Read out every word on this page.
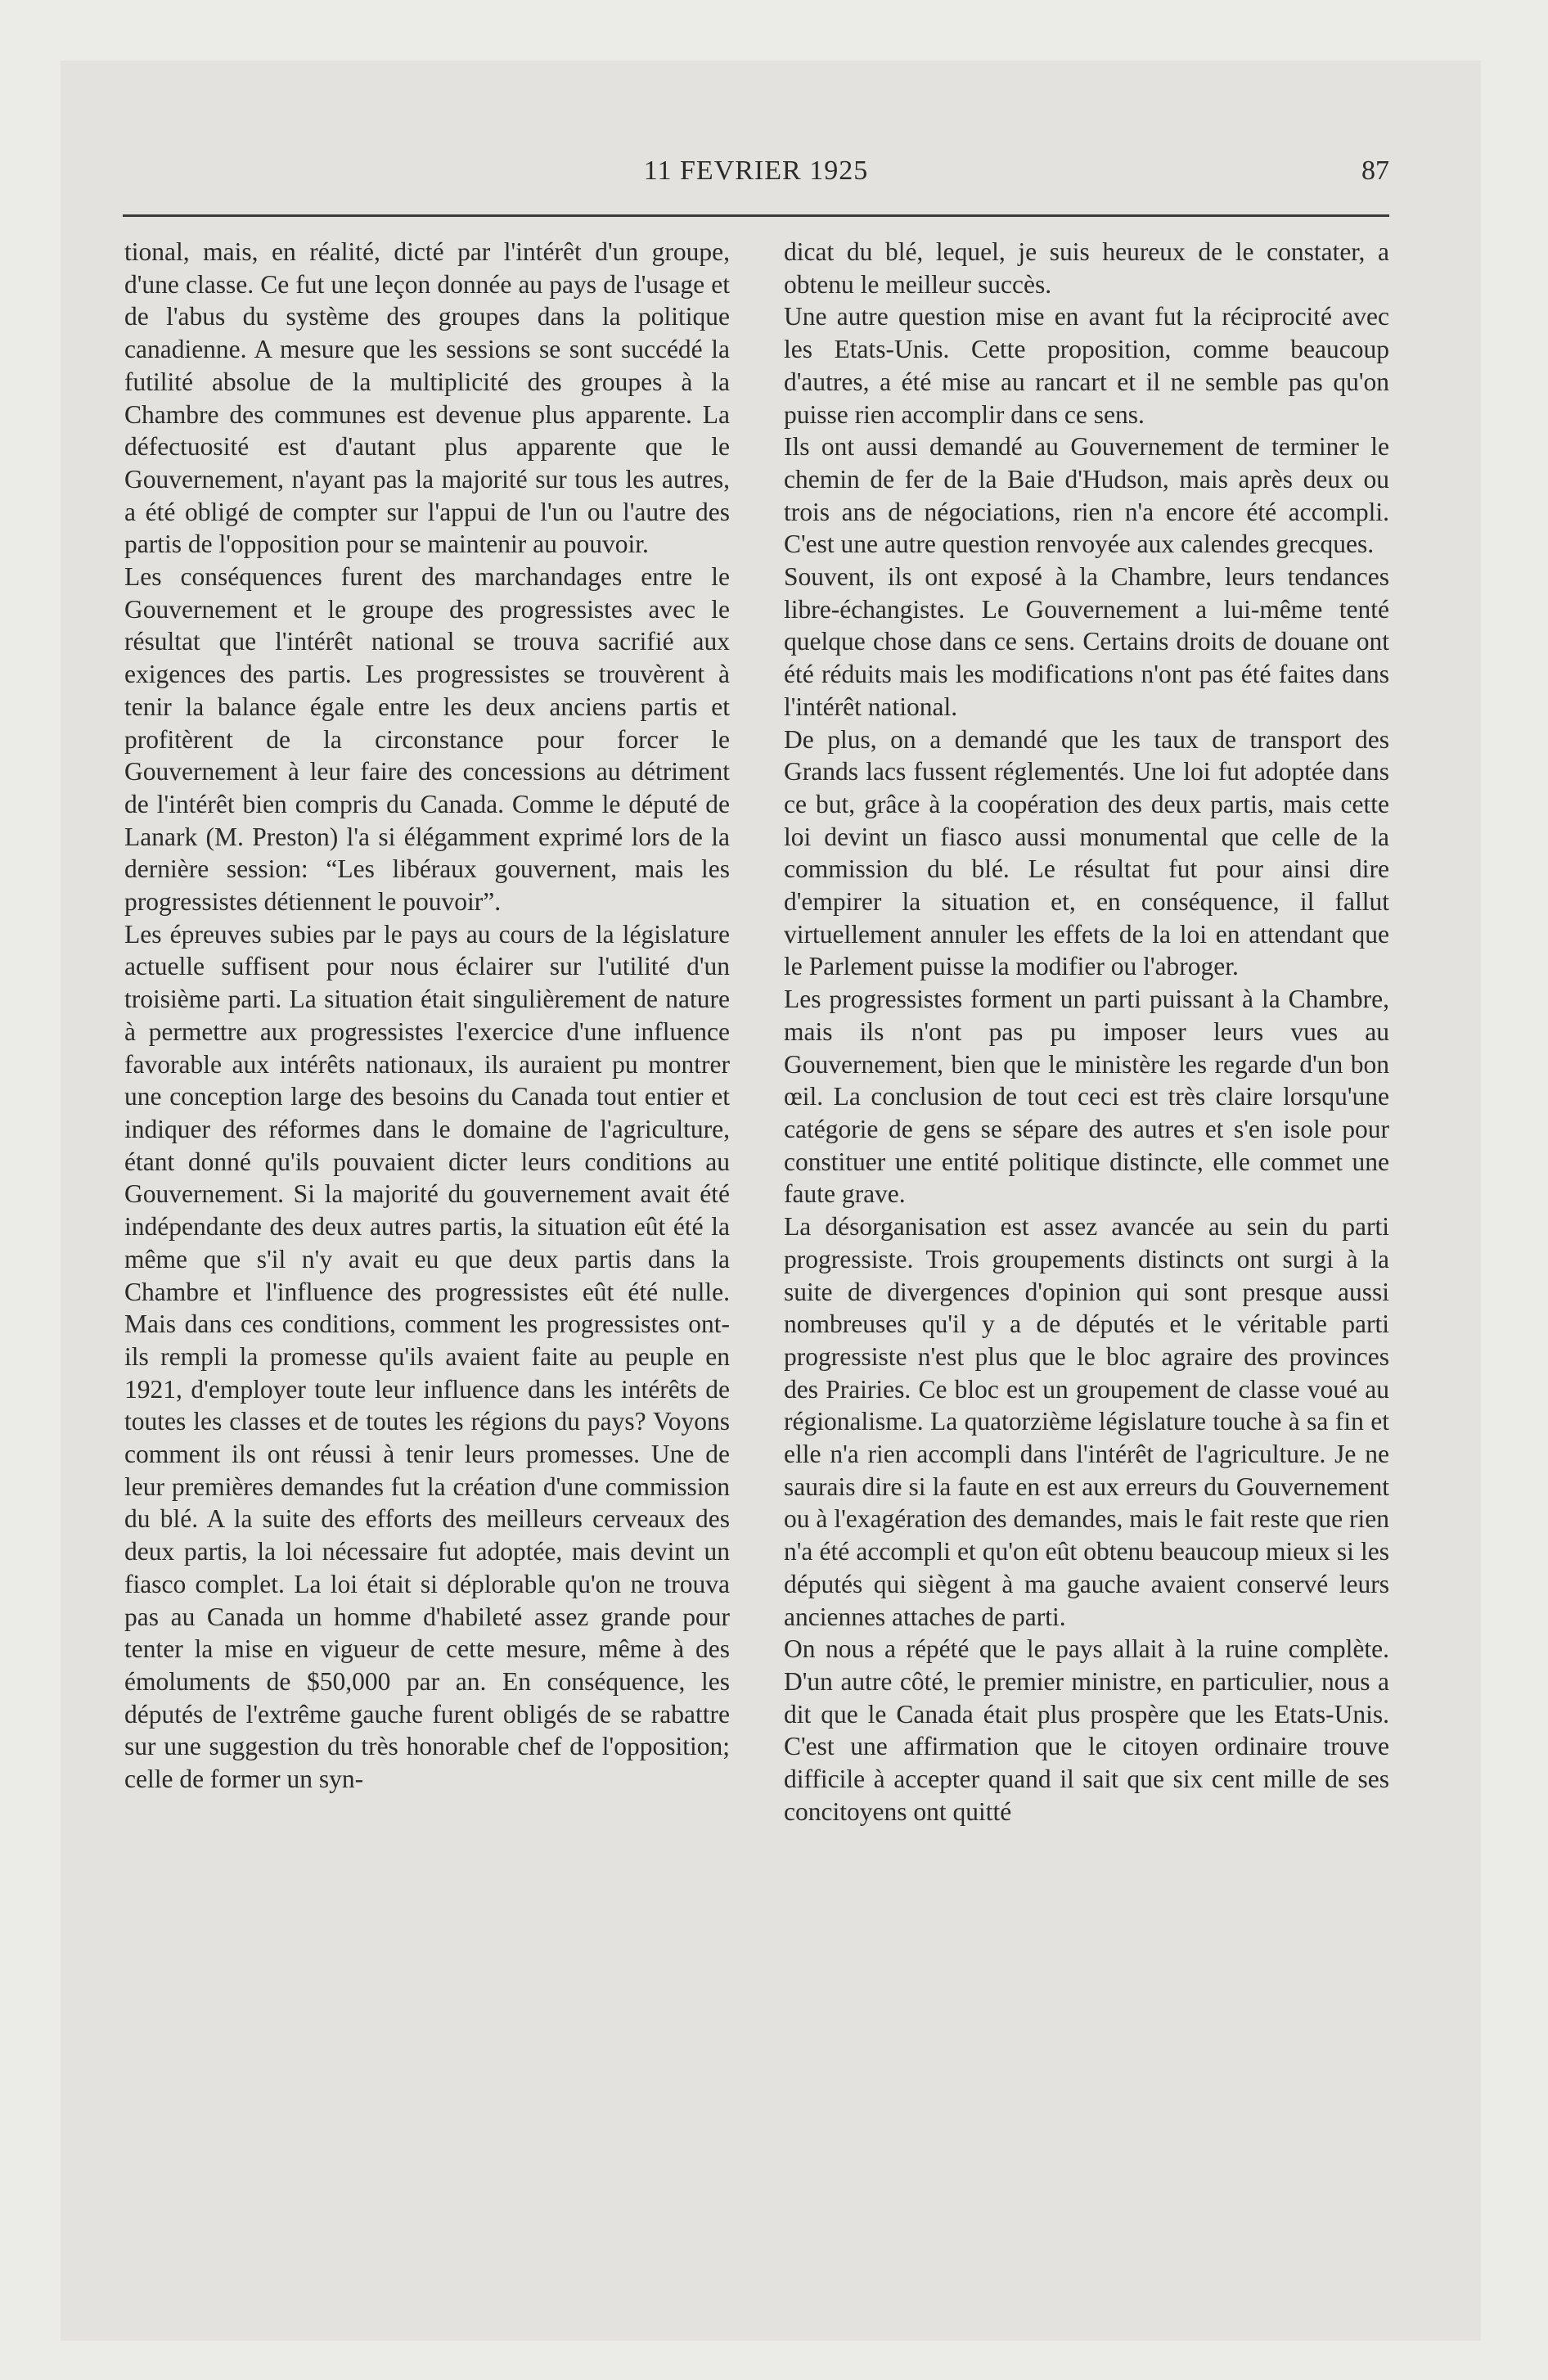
11 FEVRIER 1925	87

tional, mais, en réalité, dicté par l'intérêt d'un groupe, d'une classe. Ce fut une leçon donnée au pays de l'usage et de l'abus du système des groupes dans la politique canadienne. A mesure que les sessions se sont succédé la futilité absolue de la multiplicité des groupes à la Chambre des communes est devenue plus apparente. La défectuosité est d'autant plus apparente que le Gouvernement, n'ayant pas la majorité sur tous les autres, a été obligé de compter sur l'appui de l'un ou l'autre des partis de l'opposition pour se maintenir au pouvoir.

Les conséquences furent des marchandages entre le Gouvernement et le groupe des progressistes avec le résultat que l'intérêt national se trouva sacrifié aux exigences des partis. Les progressistes se trouvèrent à tenir la balance égale entre les deux anciens partis et profitèrent de la circonstance pour forcer le Gouvernement à leur faire des concessions au détriment de l'intérêt bien compris du Canada. Comme le député de Lanark (M. Preston) l'a si élégamment exprimé lors de la dernière session: “Les libéraux gouvernent, mais les progressistes détiennent le pouvoir”.

Les épreuves subies par le pays au cours de la législature actuelle suffisent pour nous éclairer sur l'utilité d'un troisième parti. La situation était singulièrement de nature à permettre aux progressistes l'exercice d'une influence favorable aux intérêts nationaux, ils auraient pu montrer une conception large des besoins du Canada tout entier et indiquer des réformes dans le domaine de l'agriculture, étant donné qu'ils pouvaient dicter leurs conditions au Gouvernement. Si la majorité du gouvernement avait été indépendante des deux autres partis, la situation eût été la même que s'il n'y avait eu que deux partis dans la Chambre et l'influence des progressistes eût été nulle. Mais dans ces conditions, comment les progressistes ont-ils rempli la promesse qu'ils avaient faite au peuple en 1921, d'employer toute leur influence dans les intérêts de toutes les classes et de toutes les régions du pays? Voyons comment ils ont réussi à tenir leurs promesses. Une de leur premières demandes fut la création d'une commission du blé. A la suite des efforts des meilleurs cerveaux des deux partis, la loi nécessaire fut adoptée, mais devint un fiasco complet. La loi était si déplorable qu'on ne trouva pas au Canada un homme d'habileté assez grande pour tenter la mise en vigueur de cette mesure, même à des émoluments de $50,000 par an. En conséquence, les députés de l'extrême gauche furent obligés de se rabattre sur une suggestion du très honorable chef de l'opposition; celle de former un syn-

dicat du blé, lequel, je suis heureux de le constater, a obtenu le meilleur succès.

Une autre question mise en avant fut la réciprocité avec les Etats-Unis. Cette proposition, comme beaucoup d'autres, a été mise au rancart et il ne semble pas qu'on puisse rien accomplir dans ce sens.

Ils ont aussi demandé au Gouvernement de terminer le chemin de fer de la Baie d'Hudson, mais après deux ou trois ans de négociations, rien n'a encore été accompli. C'est une autre question renvoyée aux calendes grecques.

Souvent, ils ont exposé à la Chambre, leurs tendances libre-échangistes. Le Gouvernement a lui-même tenté quelque chose dans ce sens. Certains droits de douane ont été réduits mais les modifications n'ont pas été faites dans l'intérêt national.

De plus, on a demandé que les taux de transport des Grands lacs fussent réglementés. Une loi fut adoptée dans ce but, grâce à la coopération des deux partis, mais cette loi devint un fiasco aussi monumental que celle de la commission du blé. Le résultat fut pour ainsi dire d'empirer la situation et, en conséquence, il fallut virtuellement annuler les effets de la loi en attendant que le Parlement puisse la modifier ou l'abroger.

Les progressistes forment un parti puissant à la Chambre, mais ils n'ont pas pu imposer leurs vues au Gouvernement, bien que le ministère les regarde d'un bon œil. La conclusion de tout ceci est très claire lorsqu'une catégorie de gens se sépare des autres et s'en isole pour constituer une entité politique distincte, elle commet une faute grave.

La désorganisation est assez avancée au sein du parti progressiste. Trois groupements distincts ont surgi à la suite de divergences d'opinion qui sont presque aussi nombreuses qu'il y a de députés et le véritable parti progressiste n'est plus que le bloc agraire des provinces des Prairies. Ce bloc est un groupement de classe voué au régionalisme. La quatorzième législature touche à sa fin et elle n'a rien accompli dans l'intérêt de l'agriculture. Je ne saurais dire si la faute en est aux erreurs du Gouvernement ou à l'exagération des demandes, mais le fait reste que rien n'a été accompli et qu'on eût obtenu beaucoup mieux si les députés qui siègent à ma gauche avaient conservé leurs anciennes attaches de parti.

On nous a répété que le pays allait à la ruine complète. D'un autre côté, le premier ministre, en particulier, nous a dit que le Canada était plus prospère que les Etats-Unis. C'est une affirmation que le citoyen ordinaire trouve difficile à accepter quand il sait que six cent mille de ses concitoyens ont quitté
